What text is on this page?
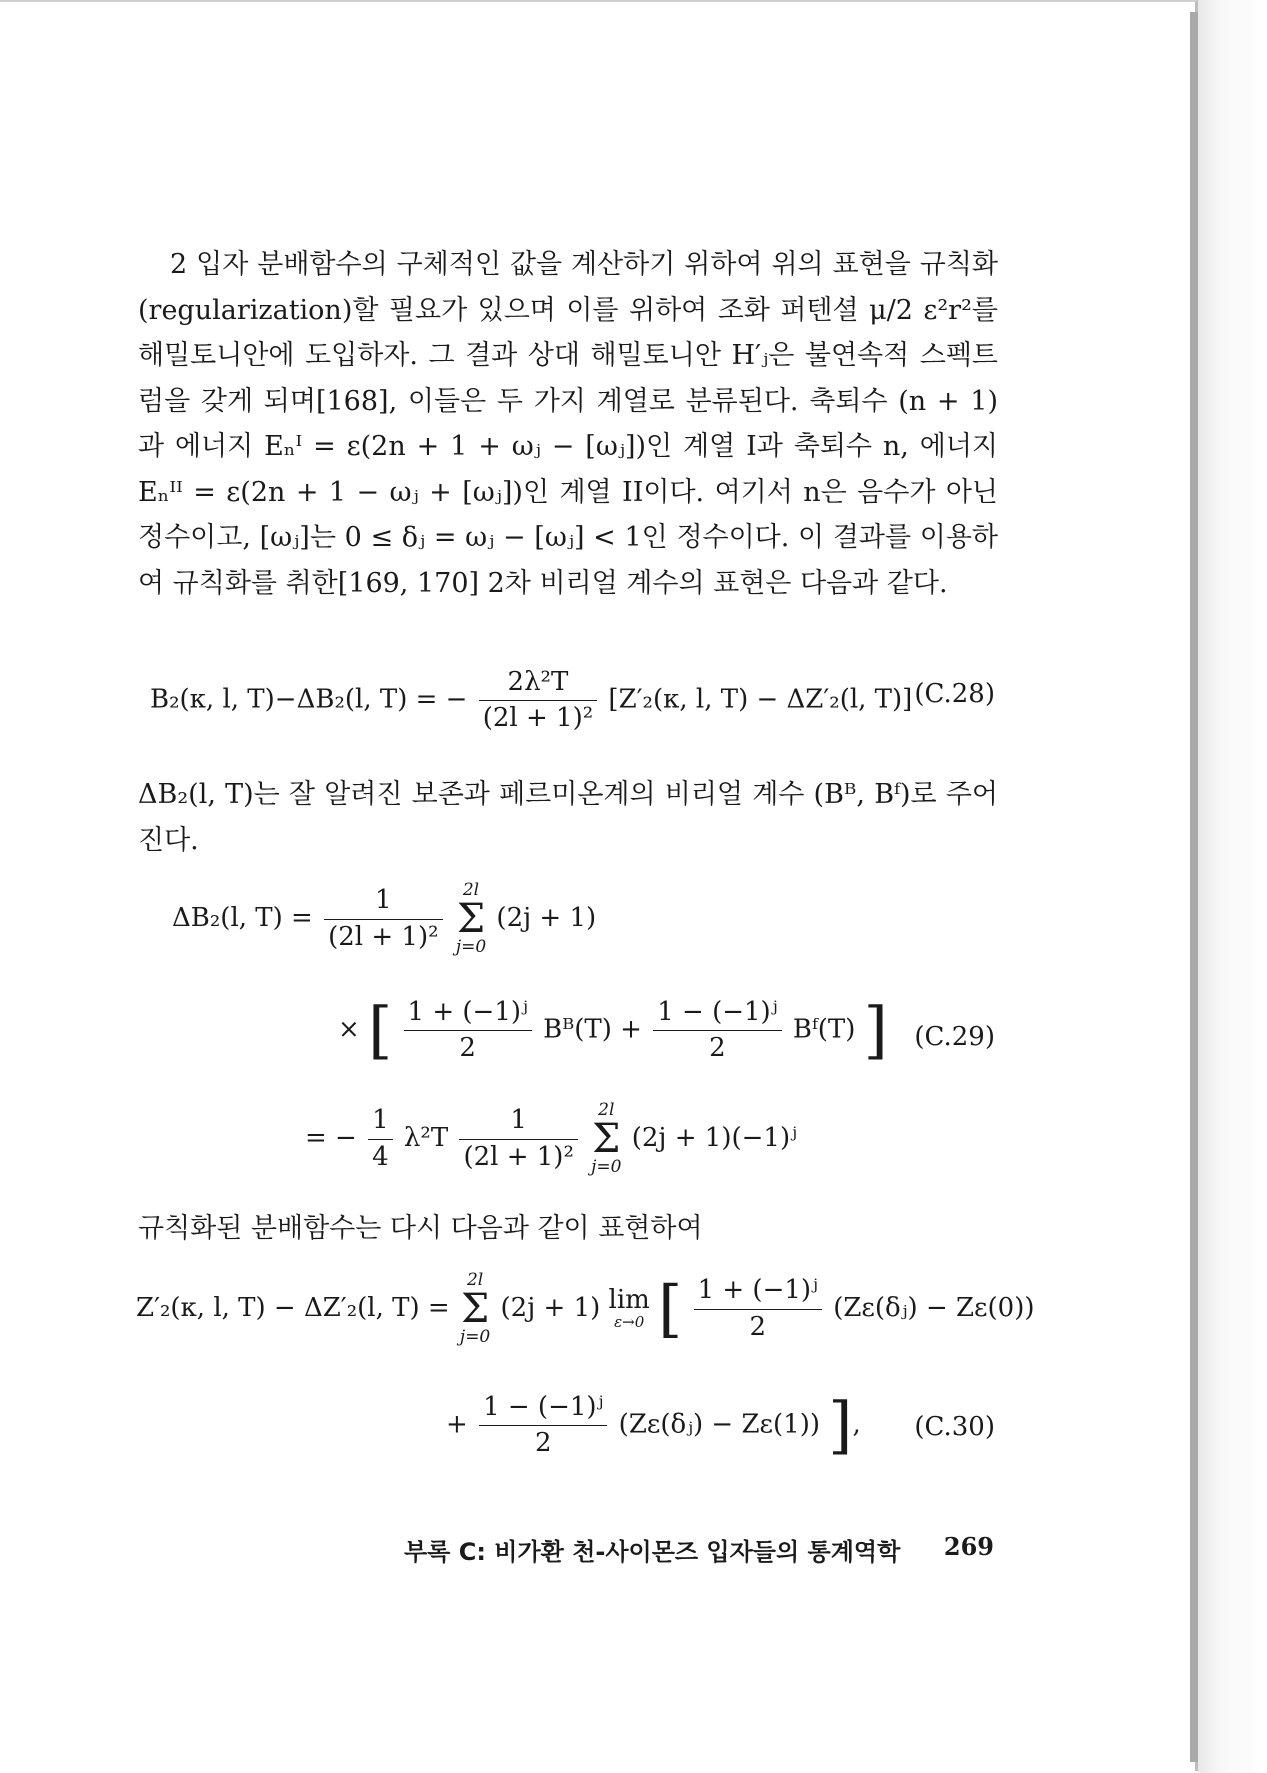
2 입자 분배함수의 구체적인 값을 계산하기 위하여 위의 표현을 규칙화(regularization)할 필요가 있으며 이를 위하여 조화 퍼텐셜 μ/2 ε²r²를 해밀토니안에 도입하자. 그 결과 상대 해밀토니안 H′ⱼ은 불연속적 스펙트럼을 갖게 되며[168], 이들은 두 가지 계열로 분류된다. 축퇴수 (n + 1)과 에너지 Eₙᴵ = ε(2n + 1 + ωⱼ − [ωⱼ])인 계열 I과 축퇴수 n, 에너지 Eₙᴵᴵ = ε(2n + 1 − ωⱼ + [ωⱼ])인 계열 II이다. 여기서 n은 음수가 아닌 정수이고, [ωⱼ]는 0 ≤ δⱼ = ωⱼ − [ωⱼ] < 1인 정수이다. 이 결과를 이용하여 규칙화를 취한[169, 170] 2차 비리얼 계수의 표현은 다음과 같다.
B₂(κ, l, T)−ΔB₂(l, T) = − $\frac{\text{2λ²T}}{\text{(2l + 1)²}} [Z'_2(\kappa$, l, T) − ΔZ′₂(l, T)] (C.28)
ΔB₂(l, T)는 잘 알려진 보존과 페르미온계의 비리얼 계수 (Bᴮ, Bᶠ)로 주어진다.
ΔB₂(l, $T) = \frac{1}{\text{(2l + 1)²}}$
	2l
Σ
j=0
(2j + 1)
× [ $\frac{\text{1 + (−1)ʲ}}{2}$ Bᴮ(T) + $\frac{\text{1 − (−1)ʲ}}{2}$ Bᶠ(T) ] (C.29)
= − $\frac{1}{4} \lambda^2T \frac{1}{\text{(2l + 1)²}}$
	2l
Σ
j=0
(2j + 1)(−1)ʲ
규칙화된 분배함수는 다시 다음과 같이 표현하여
Z′₂(κ, l, T) − ΔZ′₂(l, T) =
2l
Σ
j=0
(2j + 1) lim
ε→0 [ $\frac{\text{1 + (−1)ʲ}}{2}$ (Zε(δⱼ) − Zε(0))
+ $\frac{\text{1 − (−1)ʲ}}{2}$ (Zε(δⱼ) − Zε(1)) ], (C.30)
부록 C: 비가환 천-사이몬즈 입자들의 통계역학 269
